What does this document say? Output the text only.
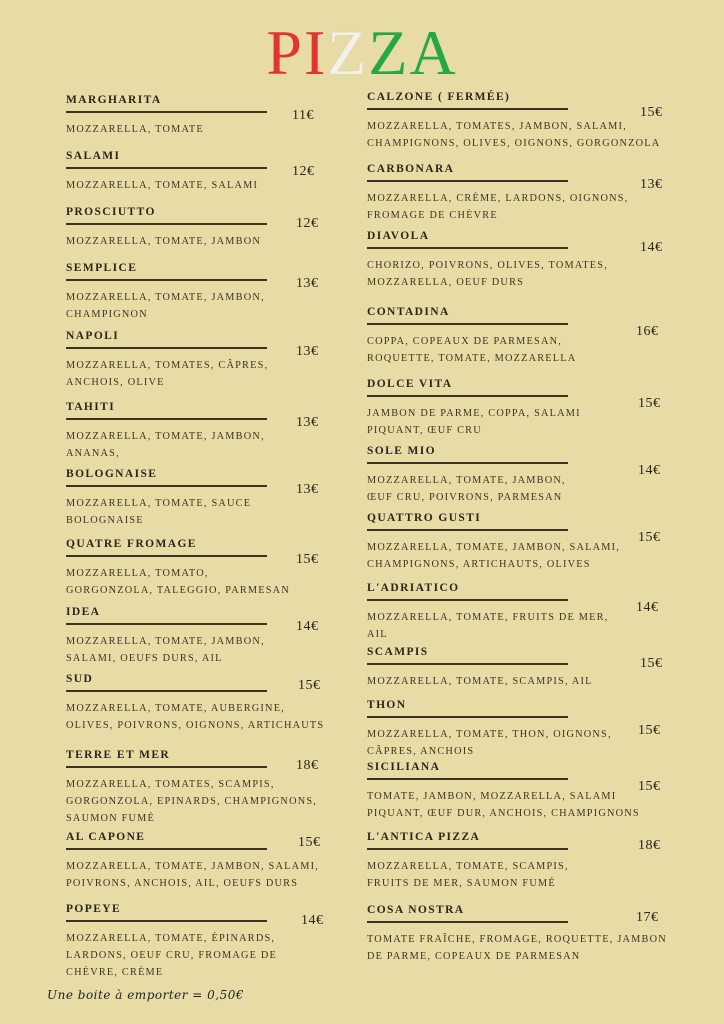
PIZZA
MARGHARITA
MOZZARELLA, TOMATE
11€
SALAMI
MOZZARELLA, TOMATE, SALAMI
12€
PROSCIUTTO
MOZZARELLA, TOMATE, JAMBON
12€
SEMPLICE
MOZZARELLA, TOMATE, JAMBON,
CHAMPIGNON
13€
NAPOLI
MOZZARELLA, TOMATES, CÂPRES,
ANCHOIS, OLIVE
13€
TAHITI
MOZZARELLA, TOMATE, JAMBON,
ANANAS,
13€
BOLOGNAISE
MOZZARELLA, TOMATE, SAUCE
BOLOGNAISE
13€
QUATRE FROMAGE
MOZZARELLA, TOMATO,
GORGONZOLA, TALEGGIO, PARMESAN
15€
IDEA
MOZZARELLA, TOMATE, JAMBON,
SALAMI, OEUFS DURS, AIL
14€
SUD
MOZZARELLA, TOMATE, AUBERGINE,
OLIVES, POIVRONS, OIGNONS, ARTICHAUTS
15€
TERRE ET MER
MOZZARELLA, TOMATES, SCAMPIS,
GORGONZOLA, EPINARDS, CHAMPIGNONS,
SAUMON FUMÉ
18€
AL CAPONE
MOZZARELLA, TOMATE, JAMBON, SALAMI,
POIVRONS, ANCHOIS, AIL, OEUFS DURS
15€
POPEYE
MOZZARELLA, TOMATE, ÉPINARDS,
LARDONS, OEUF CRU, FROMAGE DE
CHÈVRE, CRÈME
14€
CALZONE ( FERMÉE)
MOZZARELLA, TOMATES, JAMBON, SALAMI,
CHAMPIGNONS, OLIVES, OIGNONS, GORGONZOLA
15€
CARBONARA
MOZZARELLA, CRÈME, LARDONS, OIGNONS,
FROMAGE DE CHÈVRE
13€
DIAVOLA
CHORIZO, POIVRONS, OLIVES, TOMATES,
MOZZARELLA, OEUF DURS
14€
CONTADINA
COPPA, COPEAUX DE PARMESAN,
ROQUETTE, TOMATE, MOZZARELLA
16€
DOLCE VITA
JAMBON DE PARME, COPPA, SALAMI
PIQUANT, ŒUF CRU
15€
SOLE MIO
MOZZARELLA, TOMATE, JAMBON,
ŒUF CRU, POIVRONS, PARMESAN
14€
QUATTRO GUSTI
MOZZARELLA, TOMATE, JAMBON, SALAMI,
CHAMPIGNONS, ARTICHAUTS, OLIVES
15€
L'ADRIATICO
MOZZARELLA, TOMATE, FRUITS DE MER,
AIL
14€
SCAMPIS
MOZZARELLA, TOMATE, SCAMPIS, AIL
15€
THON
MOZZARELLA, TOMATE, THON, OIGNONS,
CÂPRES, ANCHOIS
15€
SICILIANA
TOMATE, JAMBON, MOZZARELLA, SALAMI
PIQUANT, ŒUF DUR, ANCHOIS, CHAMPIGNONS
15€
L'ANTICA PIZZA
MOZZARELLA, TOMATE, SCAMPIS,
FRUITS DE MER, SAUMON FUMÉ
18€
COSA NOSTRA
TOMATE FRAÎCHE, FROMAGE, ROQUETTE, JAMBON
DE PARME, COPEAUX DE PARMESAN
17€
Une boite à emporter = 0,50€
